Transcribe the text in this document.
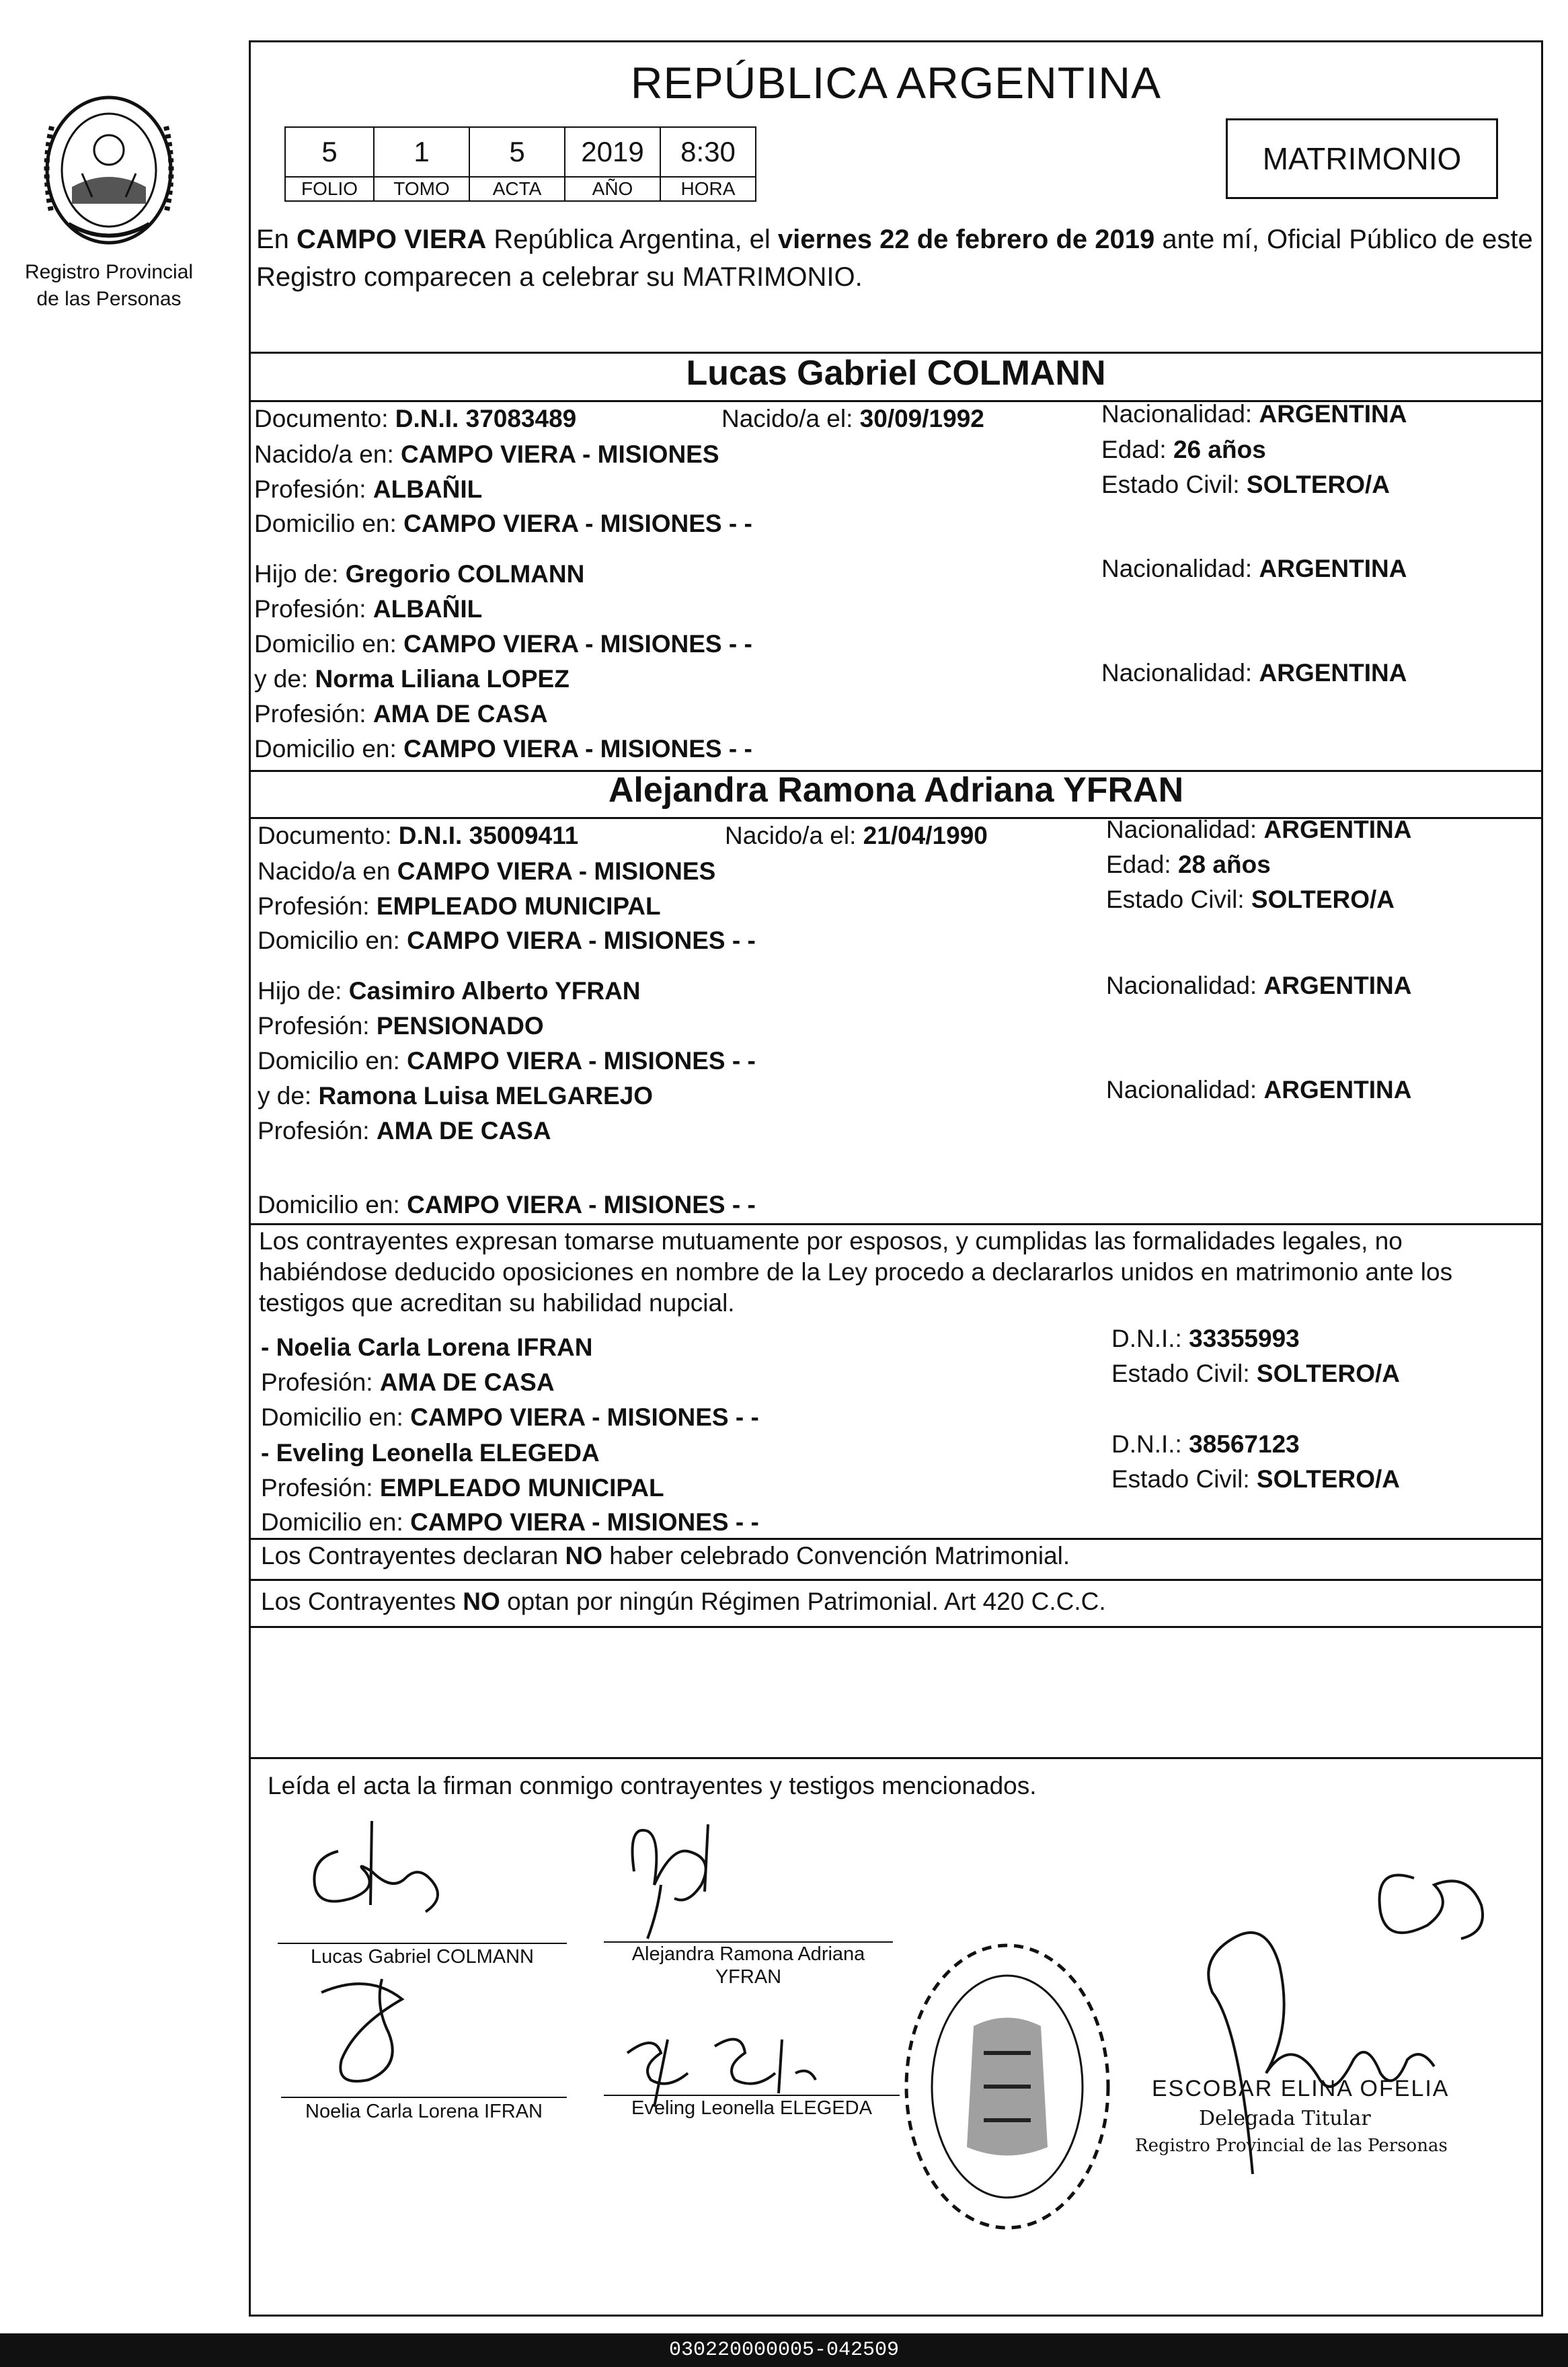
Registro Provincial
de las Personas
REPÚBLICA ARGENTINA
5	1	5	2019	8:30
FOLIO	TOMO	ACTA	AÑO	HORA
MATRIMONIO
En CAMPO VIERA República Argentina, el viernes 22 de febrero de 2019 ante mí, Oficial Público de este Registro comparecen a celebrar su MATRIMONIO.
Lucas Gabriel COLMANN
Documento: D.N.I. 37083489	Nacido/a el: 30/09/1992	Nacionalidad: ARGENTINA
Nacido/a en: CAMPO VIERA - MISIONES	Edad: 26 años
Profesión: ALBAÑIL	Estado Civil: SOLTERO/A
Domicilio en: CAMPO VIERA - MISIONES - -
Hijo de: Gregorio COLMANN	Nacionalidad: ARGENTINA
Profesión: ALBAÑIL
Domicilio en: CAMPO VIERA - MISIONES - -
y de: Norma Liliana LOPEZ	Nacionalidad: ARGENTINA
Profesión: AMA DE CASA
Domicilio en: CAMPO VIERA - MISIONES - -
Alejandra Ramona Adriana YFRAN
Documento: D.N.I. 35009411	Nacido/a el: 21/04/1990	Nacionalidad: ARGENTINA
Nacido/a en CAMPO VIERA - MISIONES	Edad: 28 años
Profesión: EMPLEADO MUNICIPAL	Estado Civil: SOLTERO/A
Domicilio en: CAMPO VIERA - MISIONES - -
Hijo de: Casimiro Alberto YFRAN	Nacionalidad: ARGENTINA
Profesión: PENSIONADO
Domicilio en: CAMPO VIERA - MISIONES - -
y de: Ramona Luisa MELGAREJO	Nacionalidad: ARGENTINA
Profesión: AMA DE CASA
Domicilio en: CAMPO VIERA - MISIONES - -
Los contrayentes expresan tomarse mutuamente por esposos, y cumplidas las formalidades legales, no habiéndose deducido oposiciones en nombre de la Ley procedo a declararlos unidos en matrimonio ante los testigos que acreditan su habilidad nupcial.
- Noelia Carla Lorena IFRAN	D.N.I.: 33355993
Profesión: AMA DE CASA	Estado Civil: SOLTERO/A
Domicilio en: CAMPO VIERA - MISIONES - -
- Eveling Leonella ELEGEDA	D.N.I.: 38567123
Profesión: EMPLEADO MUNICIPAL	Estado Civil: SOLTERO/A
Domicilio en: CAMPO VIERA - MISIONES - -
Los Contrayentes declaran NO haber celebrado Convención Matrimonial.
Los Contrayentes NO optan por ningún Régimen Patrimonial. Art 420 C.C.C.
Leída el acta la firman conmigo contrayentes y testigos mencionados.
Lucas Gabriel COLMANN	Alejandra Ramona Adriana
YFRAN
Noelia Carla Lorena IFRAN	Eveling Leonella ELEGEDA
ESCOBAR ELINA OFELIA
Delegada Titular
Registro Provincial de las Personas
030220000005-042509
